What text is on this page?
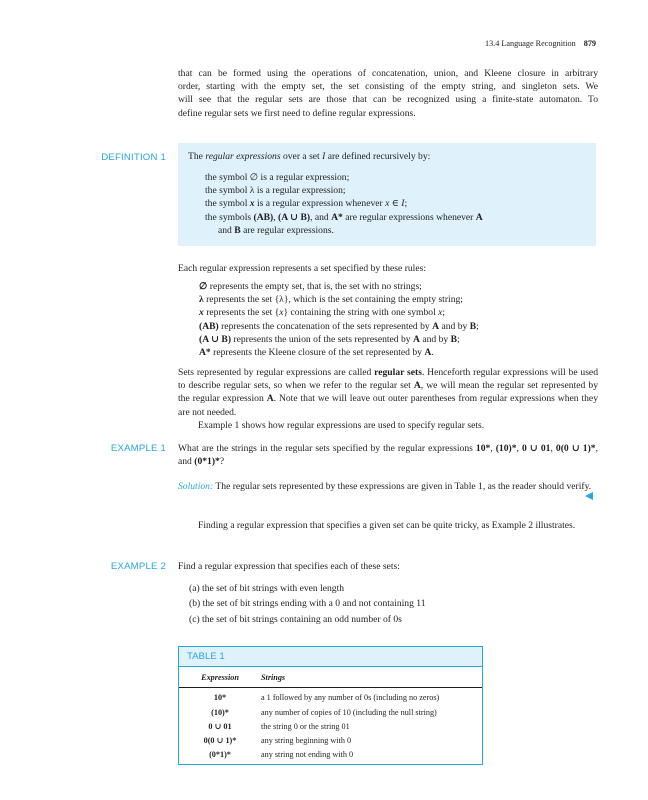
13.4 Language Recognition 879
that can be formed using the operations of concatenation, union, and Kleene closure in arbitrary
order, starting with the empty set, the set consisting of the empty string, and singleton sets. We
will see that the regular sets are those that can be recognized using a finite-state automaton. To
define regular sets we first need to define regular expressions.
DEFINITION 1 The regular expressions over a set I are defined recursively by:
the symbol ∅ is a regular expression;
the symbol λ is a regular expression;
the symbol x is a regular expression whenever x ∈ I;
the symbols (AB), (A ∪ B), and A* are regular expressions whenever A
and B are regular expressions.
Each regular expression represents a set specified by these rules:
∅ represents the empty set, that is, the set with no strings;
λ represents the set {λ}, which is the set containing the empty string;
x represents the set {x} containing the string with one symbol x;
(AB) represents the concatenation of the sets represented by A and by B;
(A ∪ B) represents the union of the sets represented by A and by B;
A* represents the Kleene closure of the set represented by A.
Sets represented by regular expressions are called regular sets. Henceforth regular expressions will be used to describe regular sets, so when we refer to the regular set A, we will mean the regular set represented by the regular expression A. Note that we will leave out outer parentheses from regular expressions when they are not needed.
Example 1 shows how regular expressions are used to specify regular sets.
EXAMPLE 1 What are the strings in the regular sets specified by the regular expressions 10*, (10)*, 0 ∪ 01, 0(0 ∪ 1)*, and (0*1)*?
Solution: The regular sets represented by these expressions are given in Table 1, as the reader should verify.
Finding a regular expression that specifies a given set can be quite tricky, as Example 2 illustrates.
EXAMPLE 2 Find a regular expression that specifies each of these sets:
(a) the set of bit strings with even length
(b) the set of bit strings ending with a 0 and not containing 11
(c) the set of bit strings containing an odd number of 0s
TABLE 1
Expression	Strings
10*	a 1 followed by any number of 0s (including no zeros)
(10)*	any number of copies of 10 (including the null string)
0 ∪ 01	the string 0 or the string 01
0(0 ∪ 1)*	any string beginning with 0
(0*1)*	any string not ending with 0
